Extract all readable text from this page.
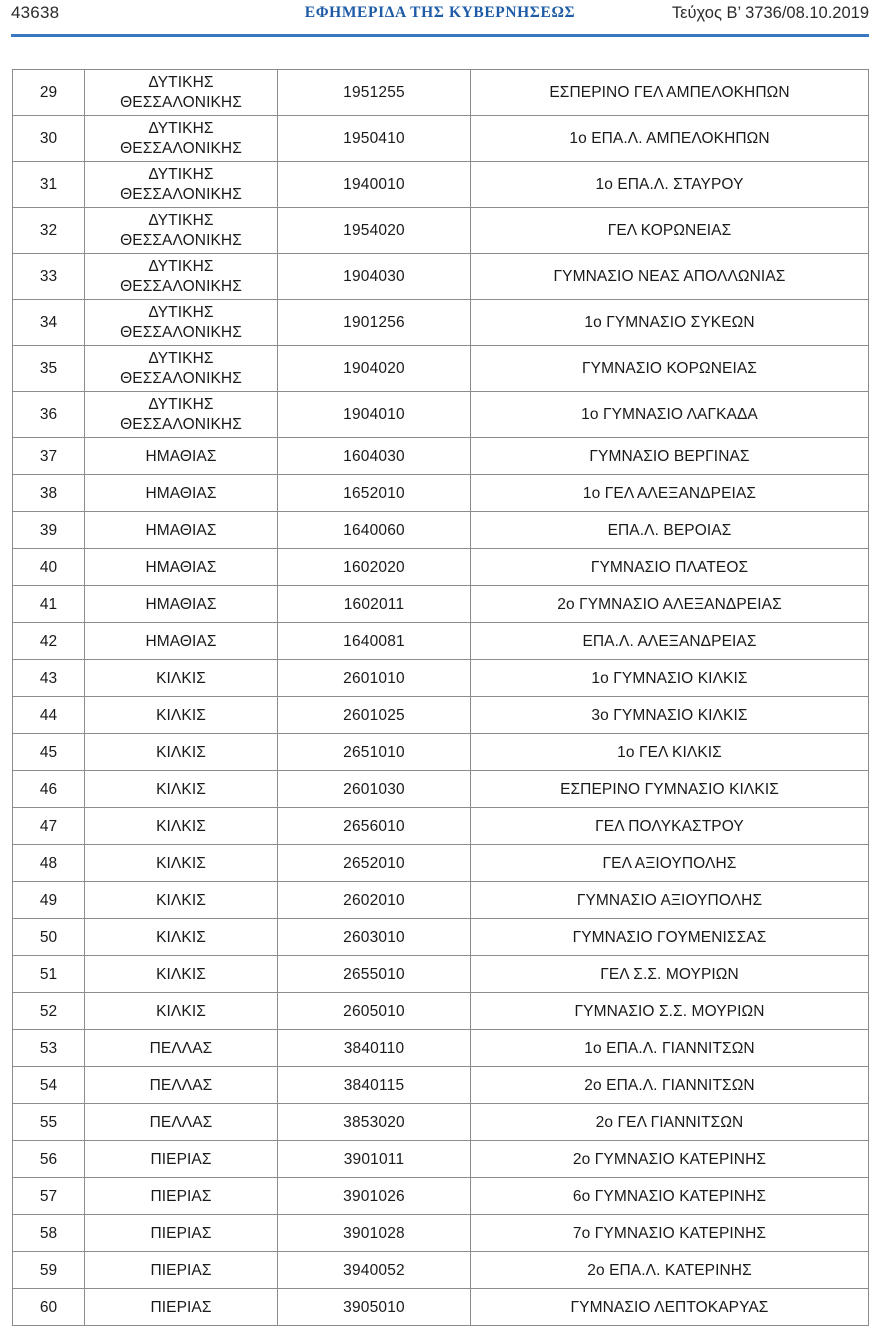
43638	ΕΦΗΜΕΡΙΔΑ ΤΗΣ ΚΥΒΕΡΝΗΣΕΩΣ	Τεύχος Β’ 3736/08.10.2019
29	ΔΥΤΙΚΗΣ
ΘΕΣΣΑΛΟΝΙΚΗΣ	1951255	ΕΣΠΕΡΙΝΟ ΓΕΛ ΑΜΠΕΛΟΚΗΠΩΝ
30	ΔΥΤΙΚΗΣ
ΘΕΣΣΑΛΟΝΙΚΗΣ	1950410	1ο ΕΠΑ.Λ. ΑΜΠΕΛΟΚΗΠΩΝ
31	ΔΥΤΙΚΗΣ
ΘΕΣΣΑΛΟΝΙΚΗΣ	1940010	1ο ΕΠΑ.Λ. ΣΤΑΥΡΟΥ
32	ΔΥΤΙΚΗΣ
ΘΕΣΣΑΛΟΝΙΚΗΣ	1954020	ΓΕΛ ΚΟΡΩΝΕΙΑΣ
33	ΔΥΤΙΚΗΣ
ΘΕΣΣΑΛΟΝΙΚΗΣ	1904030	ΓΥΜΝΑΣΙΟ ΝΕΑΣ ΑΠΟΛΛΩΝΙΑΣ
34	ΔΥΤΙΚΗΣ
ΘΕΣΣΑΛΟΝΙΚΗΣ	1901256	1ο ΓΥΜΝΑΣΙΟ ΣΥΚΕΩΝ
35	ΔΥΤΙΚΗΣ
ΘΕΣΣΑΛΟΝΙΚΗΣ	1904020	ΓΥΜΝΑΣΙΟ ΚΟΡΩΝΕΙΑΣ
36	ΔΥΤΙΚΗΣ
ΘΕΣΣΑΛΟΝΙΚΗΣ	1904010	1ο ΓΥΜΝΑΣΙΟ ΛΑΓΚΑΔΑ
37	ΗΜΑΘΙΑΣ	1604030	ΓΥΜΝΑΣΙΟ ΒΕΡΓΙΝΑΣ
38	ΗΜΑΘΙΑΣ	1652010	1ο ΓΕΛ ΑΛΕΞΑΝΔΡΕΙΑΣ
39	ΗΜΑΘΙΑΣ	1640060	ΕΠΑ.Λ. ΒΕΡΟΙΑΣ
40	ΗΜΑΘΙΑΣ	1602020	ΓΥΜΝΑΣΙΟ ΠΛΑΤΕΟΣ
41	ΗΜΑΘΙΑΣ	1602011	2ο ΓΥΜΝΑΣΙΟ ΑΛΕΞΑΝΔΡΕΙΑΣ
42	ΗΜΑΘΙΑΣ	1640081	ΕΠΑ.Λ. ΑΛΕΞΑΝΔΡΕΙΑΣ
43	ΚΙΛΚΙΣ	2601010	1ο ΓΥΜΝΑΣΙΟ ΚΙΛΚΙΣ
44	ΚΙΛΚΙΣ	2601025	3ο ΓΥΜΝΑΣΙΟ ΚΙΛΚΙΣ
45	ΚΙΛΚΙΣ	2651010	1ο ΓΕΛ ΚΙΛΚΙΣ
46	ΚΙΛΚΙΣ	2601030	ΕΣΠΕΡΙΝΟ ΓΥΜΝΑΣΙΟ ΚΙΛΚΙΣ
47	ΚΙΛΚΙΣ	2656010	ΓΕΛ ΠΟΛΥΚΑΣΤΡΟΥ
48	ΚΙΛΚΙΣ	2652010	ΓΕΛ ΑΞΙΟΥΠΟΛΗΣ
49	ΚΙΛΚΙΣ	2602010	ΓΥΜΝΑΣΙΟ ΑΞΙΟΥΠΟΛΗΣ
50	ΚΙΛΚΙΣ	2603010	ΓΥΜΝΑΣΙΟ ΓΟΥΜΕΝΙΣΣΑΣ
51	ΚΙΛΚΙΣ	2655010	ΓΕΛ Σ.Σ. ΜΟΥΡΙΩΝ
52	ΚΙΛΚΙΣ	2605010	ΓΥΜΝΑΣΙΟ Σ.Σ. ΜΟΥΡΙΩΝ
53	ΠΕΛΛΑΣ	3840110	1ο ΕΠΑ.Λ. ΓΙΑΝΝΙΤΣΩΝ
54	ΠΕΛΛΑΣ	3840115	2ο ΕΠΑ.Λ. ΓΙΑΝΝΙΤΣΩΝ
55	ΠΕΛΛΑΣ	3853020	2ο ΓΕΛ ΓΙΑΝΝΙΤΣΩΝ
56	ΠΙΕΡΙΑΣ	3901011	2ο ΓΥΜΝΑΣΙΟ ΚΑΤΕΡΙΝΗΣ
57	ΠΙΕΡΙΑΣ	3901026	6ο ΓΥΜΝΑΣΙΟ ΚΑΤΕΡΙΝΗΣ
58	ΠΙΕΡΙΑΣ	3901028	7ο ΓΥΜΝΑΣΙΟ ΚΑΤΕΡΙΝΗΣ
59	ΠΙΕΡΙΑΣ	3940052	2ο ΕΠΑ.Λ. ΚΑΤΕΡΙΝΗΣ
60	ΠΙΕΡΙΑΣ	3905010	ΓΥΜΝΑΣΙΟ ΛΕΠΤΟΚΑΡΥΑΣ
